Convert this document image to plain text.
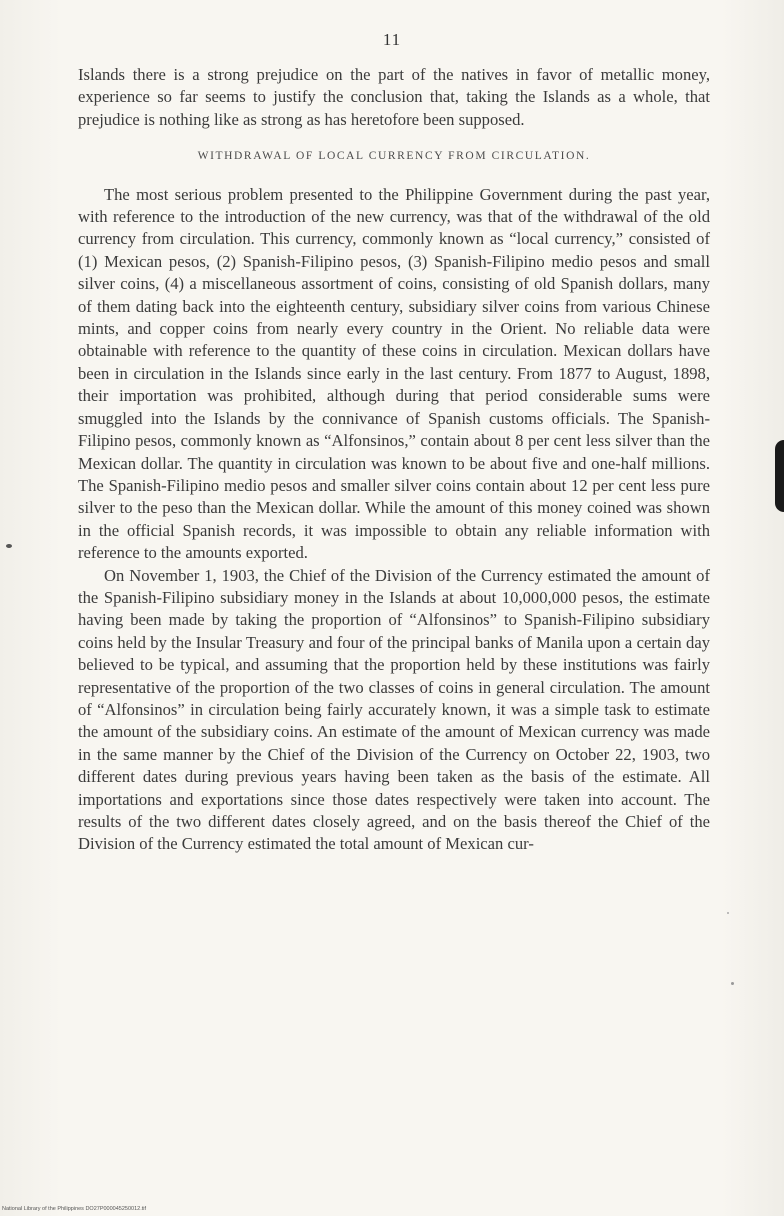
11

Islands there is a strong prejudice on the part of the natives in favor of metallic money, experience so far seems to justify the conclusion that, taking the Islands as a whole, that prejudice is nothing like as strong as has heretofore been supposed.

WITHDRAWAL OF LOCAL CURRENCY FROM CIRCULATION.

The most serious problem presented to the Philippine Government during the past year, with reference to the introduction of the new currency, was that of the withdrawal of the old currency from circulation. This currency, commonly known as “local currency,” consisted of (1) Mexican pesos, (2) Spanish-Filipino pesos, (3) Spanish-Filipino medio pesos and small silver coins, (4) a miscellaneous assortment of coins, consisting of old Spanish dollars, many of them dating back into the eighteenth century, subsidiary silver coins from various Chinese mints, and copper coins from nearly every country in the Orient. No reliable data were obtainable with reference to the quantity of these coins in circulation. Mexican dollars have been in circulation in the Islands since early in the last century. From 1877 to August, 1898, their importation was prohibited, although during that period considerable sums were smuggled into the Islands by the connivance of Spanish customs officials. The Spanish-Filipino pesos, commonly known as “Alfonsinos,” contain about 8 per cent less silver than the Mexican dollar. The quantity in circulation was known to be about five and one-half millions. The Spanish-Filipino medio pesos and smaller silver coins contain about 12 per cent less pure silver to the peso than the Mexican dollar. While the amount of this money coined was shown in the official Spanish records, it was impossible to obtain any reliable information with reference to the amounts exported.

On November 1, 1903, the Chief of the Division of the Currency estimated the amount of the Spanish-Filipino subsidiary money in the Islands at about 10,000,000 pesos, the estimate having been made by taking the proportion of “Alfonsinos” to Spanish-Filipino subsidiary coins held by the Insular Treasury and four of the principal banks of Manila upon a certain day believed to be typical, and assuming that the proportion held by these institutions was fairly representative of the proportion of the two classes of coins in general circulation. The amount of “Alfonsinos” in circulation being fairly accurately known, it was a simple task to estimate the amount of the subsidiary coins. An estimate of the amount of Mexican currency was made in the same manner by the Chief of the Division of the Currency on October 22, 1903, two different dates during previous years having been taken as the basis of the estimate. All importations and exportations since those dates respectively were taken into account. The results of the two different dates closely agreed, and on the basis thereof the Chief of the Division of the Currency estimated the total amount of Mexican cur-

National Library of the Philippines DO27P000045250012.tif
